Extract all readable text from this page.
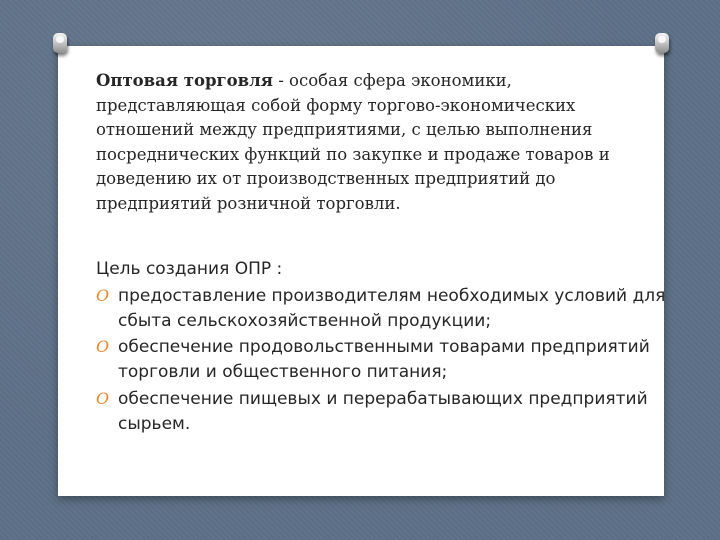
Оптовая торговля - особая сфера экономики, представляющая собой форму торгово-экономических отношений между предприятиями, с целью выполнения посреднических функций по закупке и продаже товаров и доведению их от производственных предприятий до предприятий розничной торговли.

Цель создания ОПР :

O предоставление производителям необходимых условий для сбыта сельскохозяйственной продукции;
O обеспечение продовольственными товарами предприятий торговли и общественного питания;
O обеспечение пищевых и перерабатывающих предприятий сырьем.
